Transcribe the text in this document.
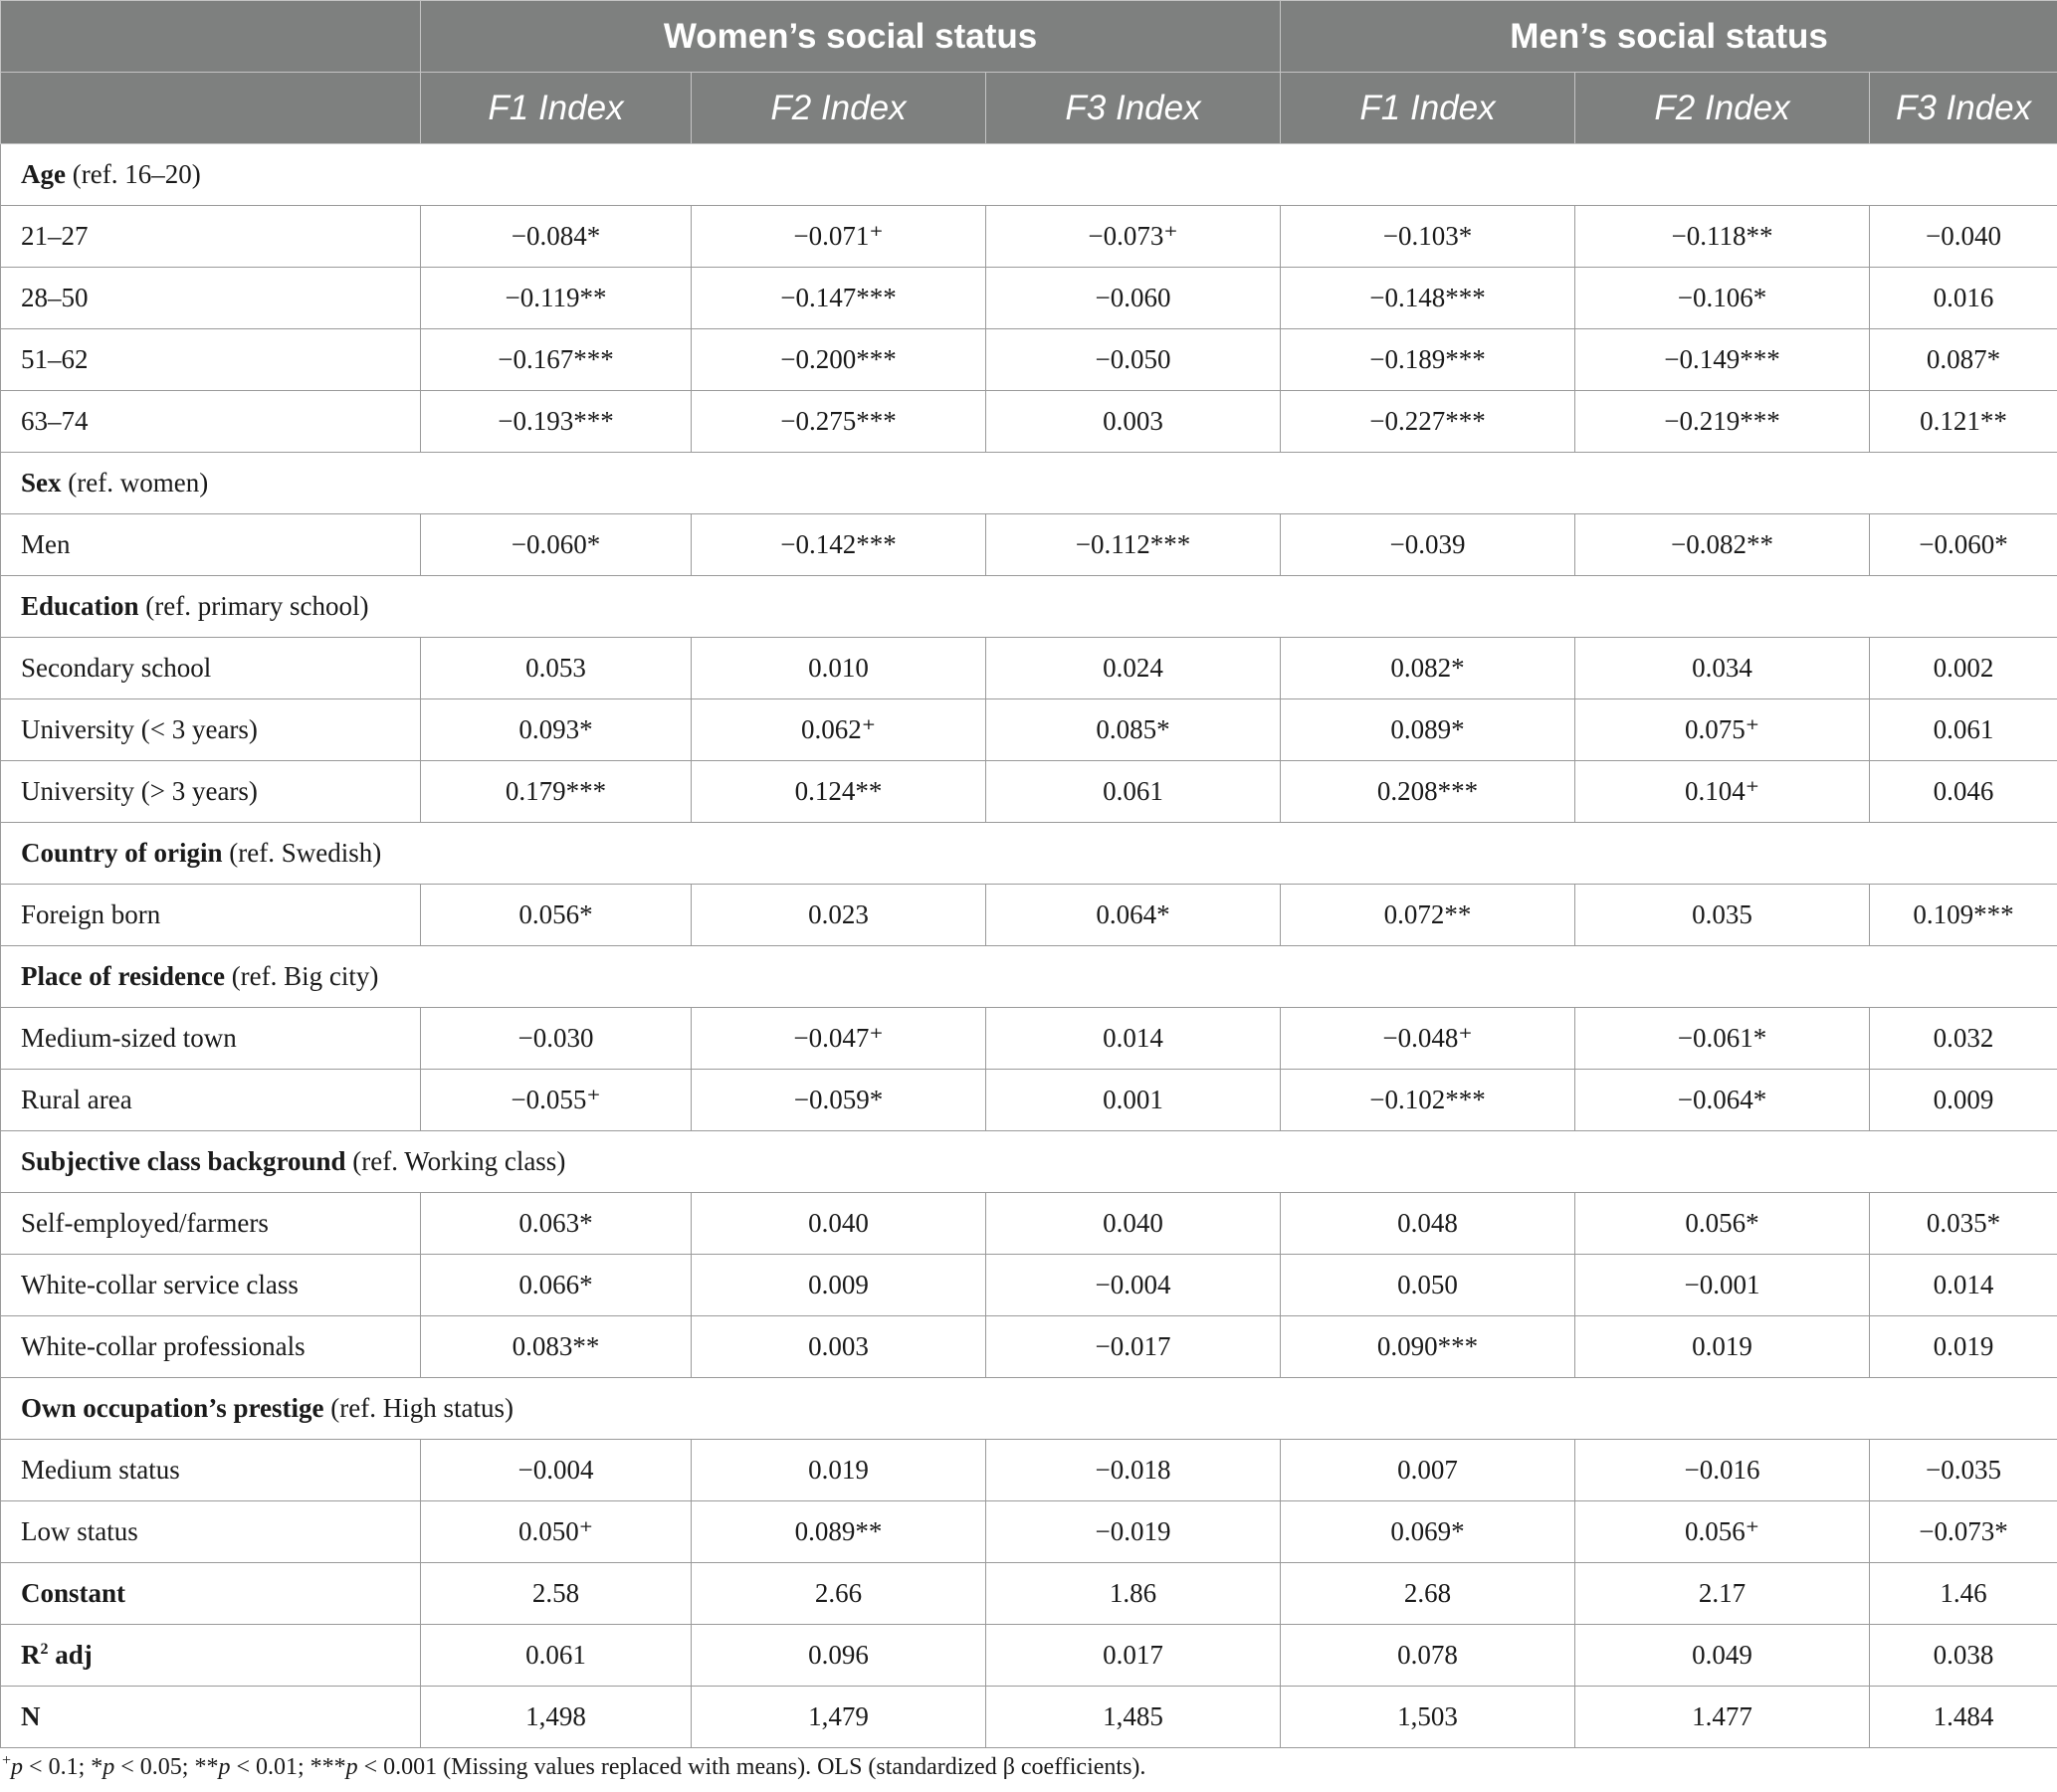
	Women’s social status			Men’s social status		
	F1 Index	F2 Index	F3 Index	F1 Index	F2 Index	F3 Index
Age (ref. 16–20)						
21–27	−0.084*	−0.071⁺	−0.073⁺	−0.103*	−0.118**	−0.040
28–50	−0.119**	−0.147***	−0.060	−0.148***	−0.106*	0.016
51–62	−0.167***	−0.200***	−0.050	−0.189***	−0.149***	0.087*
63–74	−0.193***	−0.275***	0.003	−0.227***	−0.219***	0.121**
Sex (ref. women)						
Men	−0.060*	−0.142***	−0.112***	−0.039	−0.082**	−0.060*
Education (ref. primary school)						
Secondary school	0.053	0.010	0.024	0.082*	0.034	0.002
University (< 3 years)	0.093*	0.062⁺	0.085*	0.089*	0.075⁺	0.061
University (> 3 years)	0.179***	0.124**	0.061	0.208***	0.104⁺	0.046
Country of origin (ref. Swedish)						
Foreign born	0.056*	0.023	0.064*	0.072**	0.035	0.109***
Place of residence (ref. Big city)						
Medium-sized town	−0.030	−0.047⁺	0.014	−0.048⁺	−0.061*	0.032
Rural area	−0.055⁺	−0.059*	0.001	−0.102***	−0.064*	0.009
Subjective class background (ref. Working class)						
Self-employed/farmers	0.063*	0.040	0.040	0.048	0.056*	0.035*
White-collar service class	0.066*	0.009	−0.004	0.050	−0.001	0.014
White-collar professionals	0.083**	0.003	−0.017	0.090***	0.019	0.019
Own occupation’s prestige (ref. High status)						
Medium status	−0.004	0.019	−0.018	0.007	−0.016	−0.035
Low status	0.050⁺	0.089**	−0.019	0.069*	0.056⁺	−0.073*
Constant	2.58	2.66	1.86	2.68	2.17	1.46
$R^2$ adj	0.061	0.096	0.017	0.078	0.049	0.038
N	1,498	1,479	1,485	1,503	1.477	1.484
+p < 0.1; *p < 0.05; **p < 0.01; ***p < 0.001 (Missing values replaced with means). OLS (standardized β coefficients).
